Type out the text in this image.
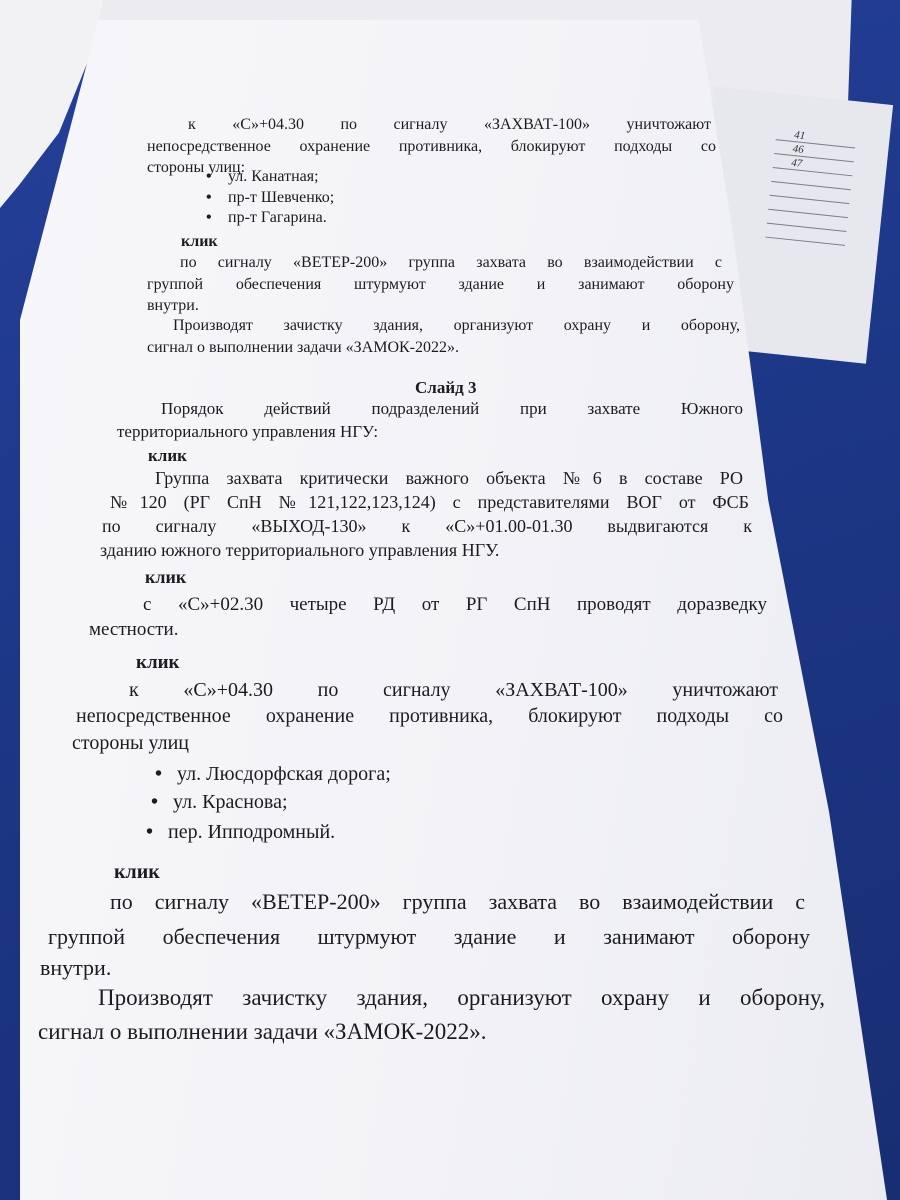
41
46
47
к «С»+04.30 по сигналу «ЗАХВАТ-100» уничтожают
непосредственное охранение противника, блокируют подходы со
стороны улиц:
• ул. Канатная;
• пр-т Шевченко;
• пр-т Гагарина.
клик
по сигналу «ВЕТЕР-200» группа захвата во взаимодействии с
группой обеспечения штурмуют здание и занимают оборону
внутри.
Производят зачистку здания, организуют охрану и оборону,
сигнал о выполнении задачи «ЗАМОК-2022».
Слайд 3
Порядок действий подразделений при захвате Южного
территориального управления НГУ:
клик
Группа захвата критически важного объекта №6 в составе РО
№120 (РГ СпН №121,122,123,124) с представителями ВОГ от ФСБ
по сигналу «ВЫХОД-130» к «С»+01.00-01.30 выдвигаются к
зданию южного территориального управления НГУ.
клик
с «С»+02.30 четыре РД от РГ СпН проводят доразведку
местности.
клик
к «С»+04.30 по сигналу «ЗАХВАТ-100» уничтожают
непосредственное охранение противника, блокируют подходы со
стороны улиц
• ул. Люсдорфская дорога;
• ул. Краснова;
• пер. Ипподромный.
клик
по сигналу «ВЕТЕР-200» группа захвата во взаимодействии с
группой обеспечения штурмуют здание и занимают оборону
внутри.
Производят зачистку здания, организуют охрану и оборону,
сигнал о выполнении задачи «ЗАМОК-2022».
